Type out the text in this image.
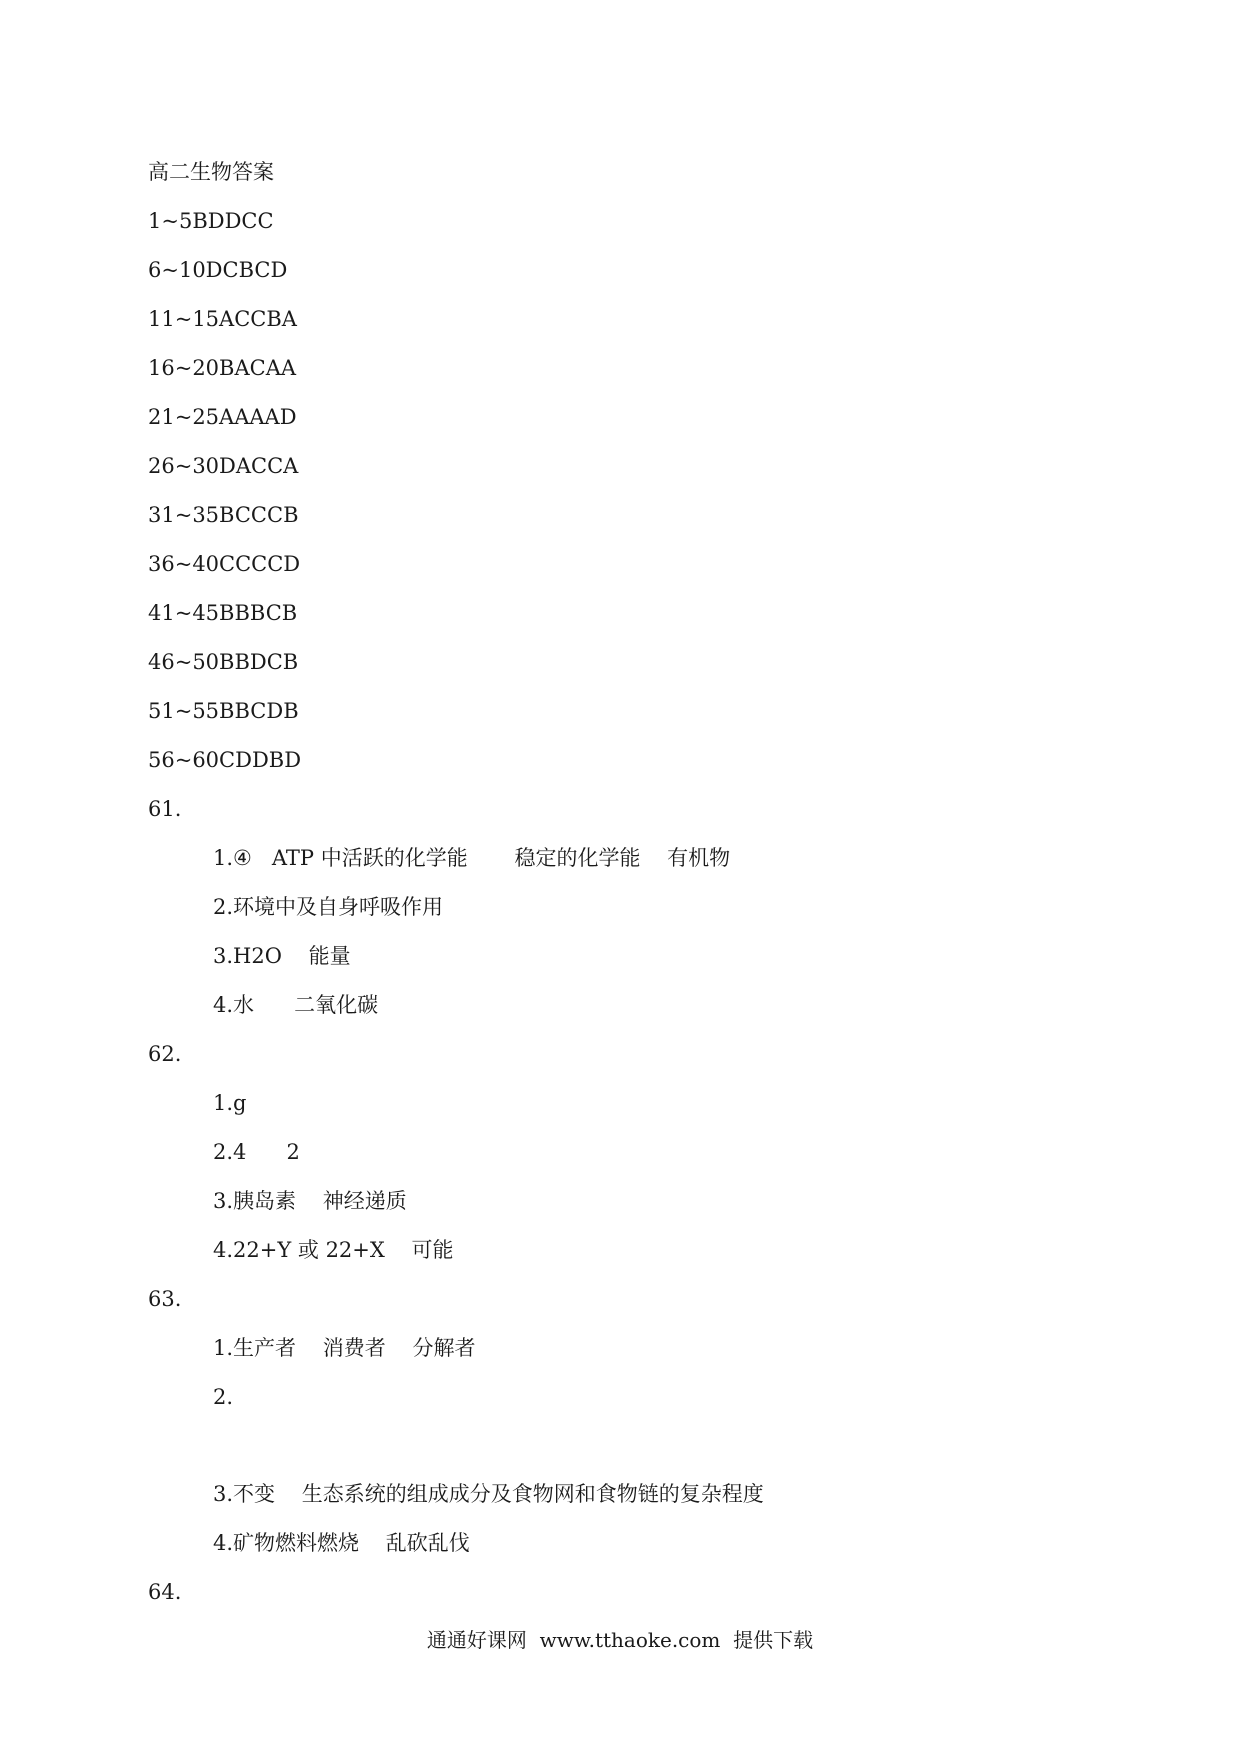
高二生物答案
1~5BDDCC
6~10DCBCD
11~15ACCBA
16~20BACAA
21~25AAAAD
26~30DACCA
31~35BCCCB
36~40CCCCD
41~45BBBCB
46~50BBDCB
51~55BBCDB
56~60CDDBD
61.
1.④   ATP 中活跃的化学能       稳定的化学能    有机物
2.环境中及自身呼吸作用
3.H2O    能量
4.水      二氧化碳
62.
1.g
2.4      2
3.胰岛素    神经递质
4.22+Y 或 22+X    可能
63.
1.生产者    消费者    分解者
2.
3.不变    生态系统的组成成分及食物网和食物链的复杂程度
4.矿物燃料燃烧    乱砍乱伐
64.
通通好课网  www.tthaoke.com  提供下载
